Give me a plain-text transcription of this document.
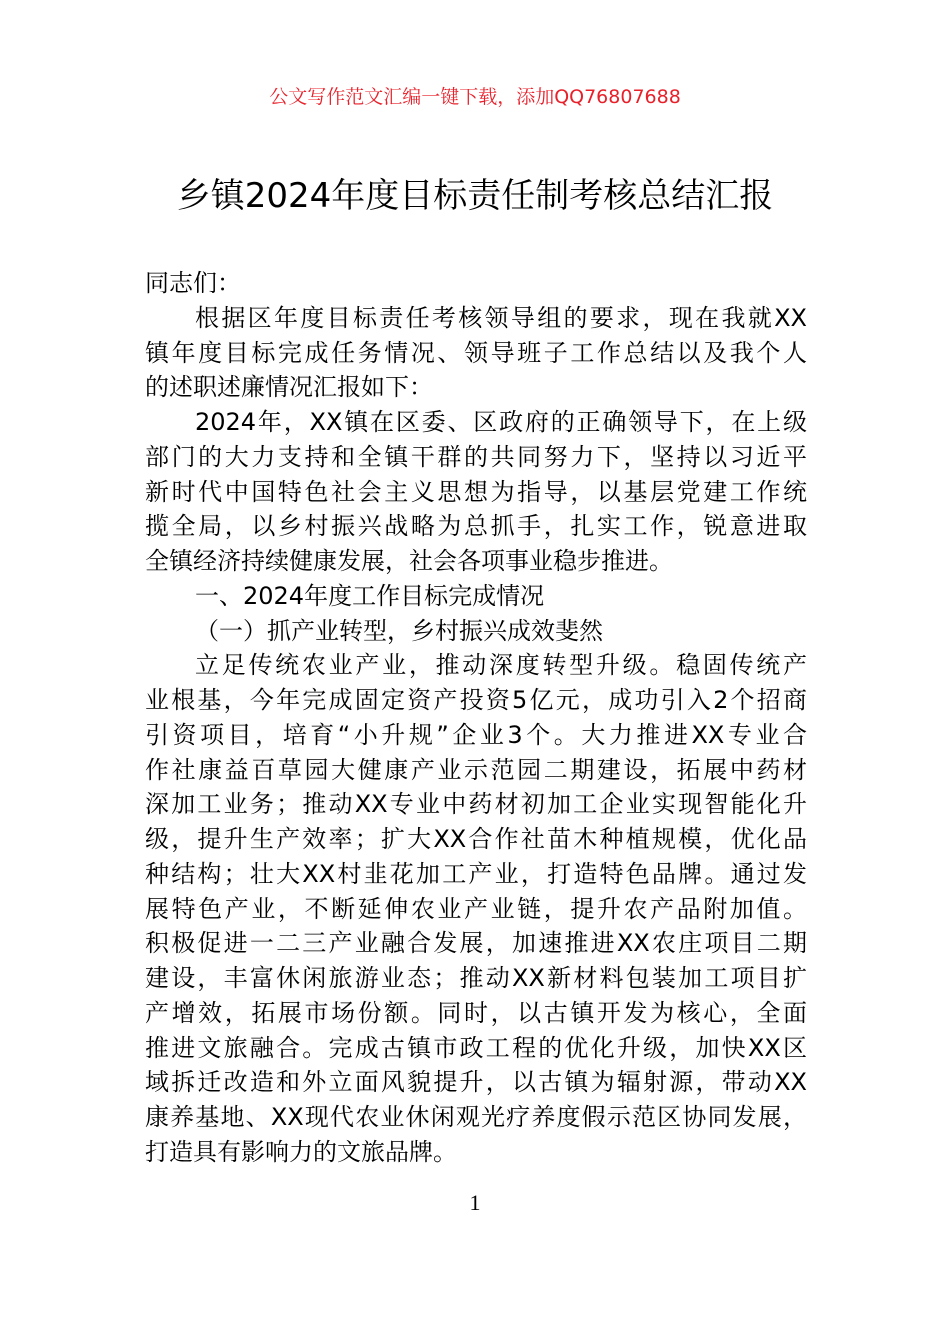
公文写作范文汇编一键下载，添加QQ76807688
乡镇2024年度目标责任制考核总结汇报
同志们：
根据区年度目标责任考核领导组的要求，现在我就XX
镇年度目标完成任务情况、领导班子工作总结以及我个人
的述职述廉情况汇报如下：
2024年，XX镇在区委、区政府的正确领导下，在上级
部门的大力支持和全镇干群的共同努力下，坚持以习近平
新时代中国特色社会主义思想为指导，以基层党建工作统
揽全局，以乡村振兴战略为总抓手，扎实工作，锐意进取
全镇经济持续健康发展，社会各项事业稳步推进。
一、2024年度工作目标完成情况
（一）抓产业转型，乡村振兴成效斐然
立足传统农业产业，推动深度转型升级。稳固传统产
业根基，今年完成固定资产投资5亿元，成功引入2个招商
引资项目，培育“小升规”企业3个。大力推进XX专业合
作社康益百草园大健康产业示范园二期建设，拓展中药材
深加工业务；推动XX专业中药材初加工企业实现智能化升
级，提升生产效率；扩大XX合作社苗木种植规模，优化品
种结构；壮大XX村韭花加工产业，打造特色品牌。通过发
展特色产业，不断延伸农业产业链，提升农产品附加值。
积极促进一二三产业融合发展，加速推进XX农庄项目二期
建设，丰富休闲旅游业态；推动XX新材料包装加工项目扩
产增效，拓展市场份额。同时，以古镇开发为核心，全面
推进文旅融合。完成古镇市政工程的优化升级，加快XX区
域拆迁改造和外立面风貌提升，以古镇为辐射源，带动XX
康养基地、XX现代农业休闲观光疗养度假示范区协同发展，
打造具有影响力的文旅品牌。
1
